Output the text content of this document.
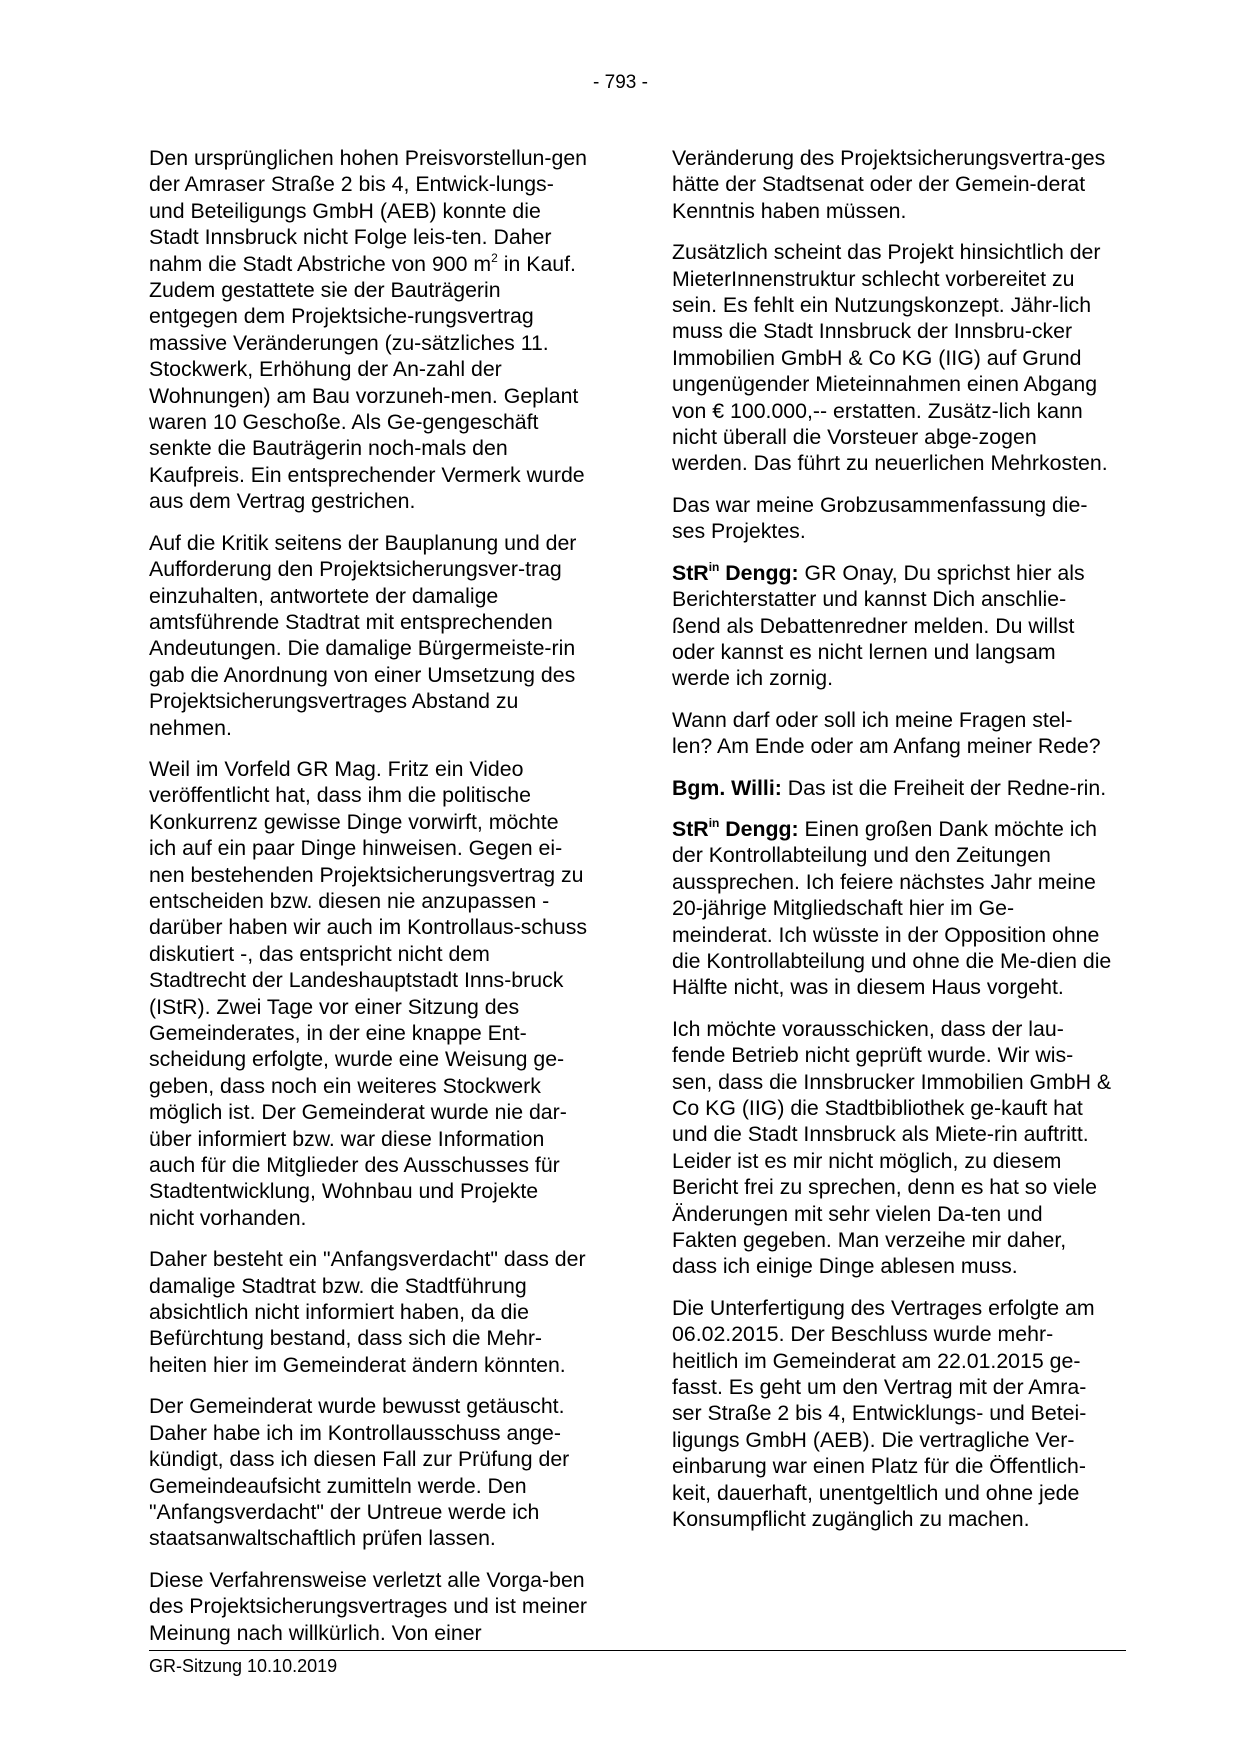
- 793 -

Den ursprünglichen hohen Preisvorstellun-gen der Amraser Straße 2 bis 4, Entwick-lungs- und Beteiligungs GmbH (AEB) konnte die Stadt Innsbruck nicht Folge leis-ten. Daher nahm die Stadt Abstriche von 900 $m^2$ in Kauf. Zudem gestattete sie der Bauträgerin entgegen dem Projektsiche-rungsvertrag massive Veränderungen (zu-sätzliches 11. Stockwerk, Erhöhung der An-zahl der Wohnungen) am Bau vorzuneh-men. Geplant waren 10 Geschoße. Als Ge-gengeschäft senkte die Bauträgerin noch-mals den Kaufpreis. Ein entsprechender Vermerk wurde aus dem Vertrag gestrichen.

Auf die Kritik seitens der Bauplanung und der Aufforderung den Projektsicherungsver-trag einzuhalten, antwortete der damalige amtsführende Stadtrat mit entsprechenden Andeutungen. Die damalige Bürgermeiste-rin gab die Anordnung von einer Umsetzung des Projektsicherungsvertrages Abstand zu nehmen.

Weil im Vorfeld GR Mag. Fritz ein Video veröffentlicht hat, dass ihm die politische Konkurrenz gewisse Dinge vorwirft, möchte ich auf ein paar Dinge hinweisen. Gegen ei-nen bestehenden Projektsicherungsvertrag zu entscheiden bzw. diesen nie anzupassen - darüber haben wir auch im Kontrollaus-schuss diskutiert -, das entspricht nicht dem Stadtrecht der Landeshauptstadt Inns-bruck (IStR). Zwei Tage vor einer Sitzung des Gemeinderates, in der eine knappe Ent-scheidung erfolgte, wurde eine Weisung ge-geben, dass noch ein weiteres Stockwerk möglich ist. Der Gemeinderat wurde nie dar-über informiert bzw. war diese Information auch für die Mitglieder des Ausschusses für Stadtentwicklung, Wohnbau und Projekte nicht vorhanden.

Daher besteht ein "Anfangsverdacht" dass der damalige Stadtrat bzw. die Stadtführung absichtlich nicht informiert haben, da die Befürchtung bestand, dass sich die Mehr-heiten hier im Gemeinderat ändern könnten.

Der Gemeinderat wurde bewusst getäuscht. Daher habe ich im Kontrollausschuss ange-kündigt, dass ich diesen Fall zur Prüfung der Gemeindeaufsicht zumitteln werde. Den "Anfangsverdacht" der Untreue werde ich staatsanwaltschaftlich prüfen lassen.

Diese Verfahrensweise verletzt alle Vorga-ben des Projektsicherungsvertrages und ist meiner Meinung nach willkürlich. Von einer

Veränderung des Projektsicherungsvertra-ges hätte der Stadtsenat oder der Gemein-derat Kenntnis haben müssen.

Zusätzlich scheint das Projekt hinsichtlich der MieterInnenstruktur schlecht vorbereitet zu sein. Es fehlt ein Nutzungskonzept. Jähr-lich muss die Stadt Innsbruck der Innsbru-cker Immobilien GmbH & Co KG (IIG) auf Grund ungenügender Mieteinnahmen einen Abgang von € 100.000,-- erstatten. Zusätz-lich kann nicht überall die Vorsteuer abge-zogen werden. Das führt zu neuerlichen Mehrkosten.

Das war meine Grobzusammenfassung die-ses Projektes.

StR$^{in}$ Dengg: GR Onay, Du sprichst hier als Berichterstatter und kannst Dich anschlie-ßend als Debattenredner melden. Du willst oder kannst es nicht lernen und langsam werde ich zornig.

Wann darf oder soll ich meine Fragen stel-len? Am Ende oder am Anfang meiner Rede?

Bgm. Willi: Das ist die Freiheit der Redne-rin.

StR$^{in}$ Dengg: Einen großen Dank möchte ich der Kontrollabteilung und den Zeitungen aussprechen. Ich feiere nächstes Jahr meine 20-jährige Mitgliedschaft hier im Ge-meinderat. Ich wüsste in der Opposition ohne die Kontrollabteilung und ohne die Me-dien die Hälfte nicht, was in diesem Haus vorgeht.

Ich möchte vorausschicken, dass der lau-fende Betrieb nicht geprüft wurde. Wir wis-sen, dass die Innsbrucker Immobilien GmbH & Co KG (IIG) die Stadtbibliothek ge-kauft hat und die Stadt Innsbruck als Miete-rin auftritt. Leider ist es mir nicht möglich, zu diesem Bericht frei zu sprechen, denn es hat so viele Änderungen mit sehr vielen Da-ten und Fakten gegeben. Man verzeihe mir daher, dass ich einige Dinge ablesen muss.

Die Unterfertigung des Vertrages erfolgte am 06.02.2015. Der Beschluss wurde mehr-heitlich im Gemeinderat am 22.01.2015 ge-fasst. Es geht um den Vertrag mit der Amra-ser Straße 2 bis 4, Entwicklungs- und Betei-ligungs GmbH (AEB). Die vertragliche Ver-einbarung war einen Platz für die Öffentlich-keit, dauerhaft, unentgeltlich und ohne jede Konsumpflicht zugänglich zu machen.

GR-Sitzung 10.10.2019
